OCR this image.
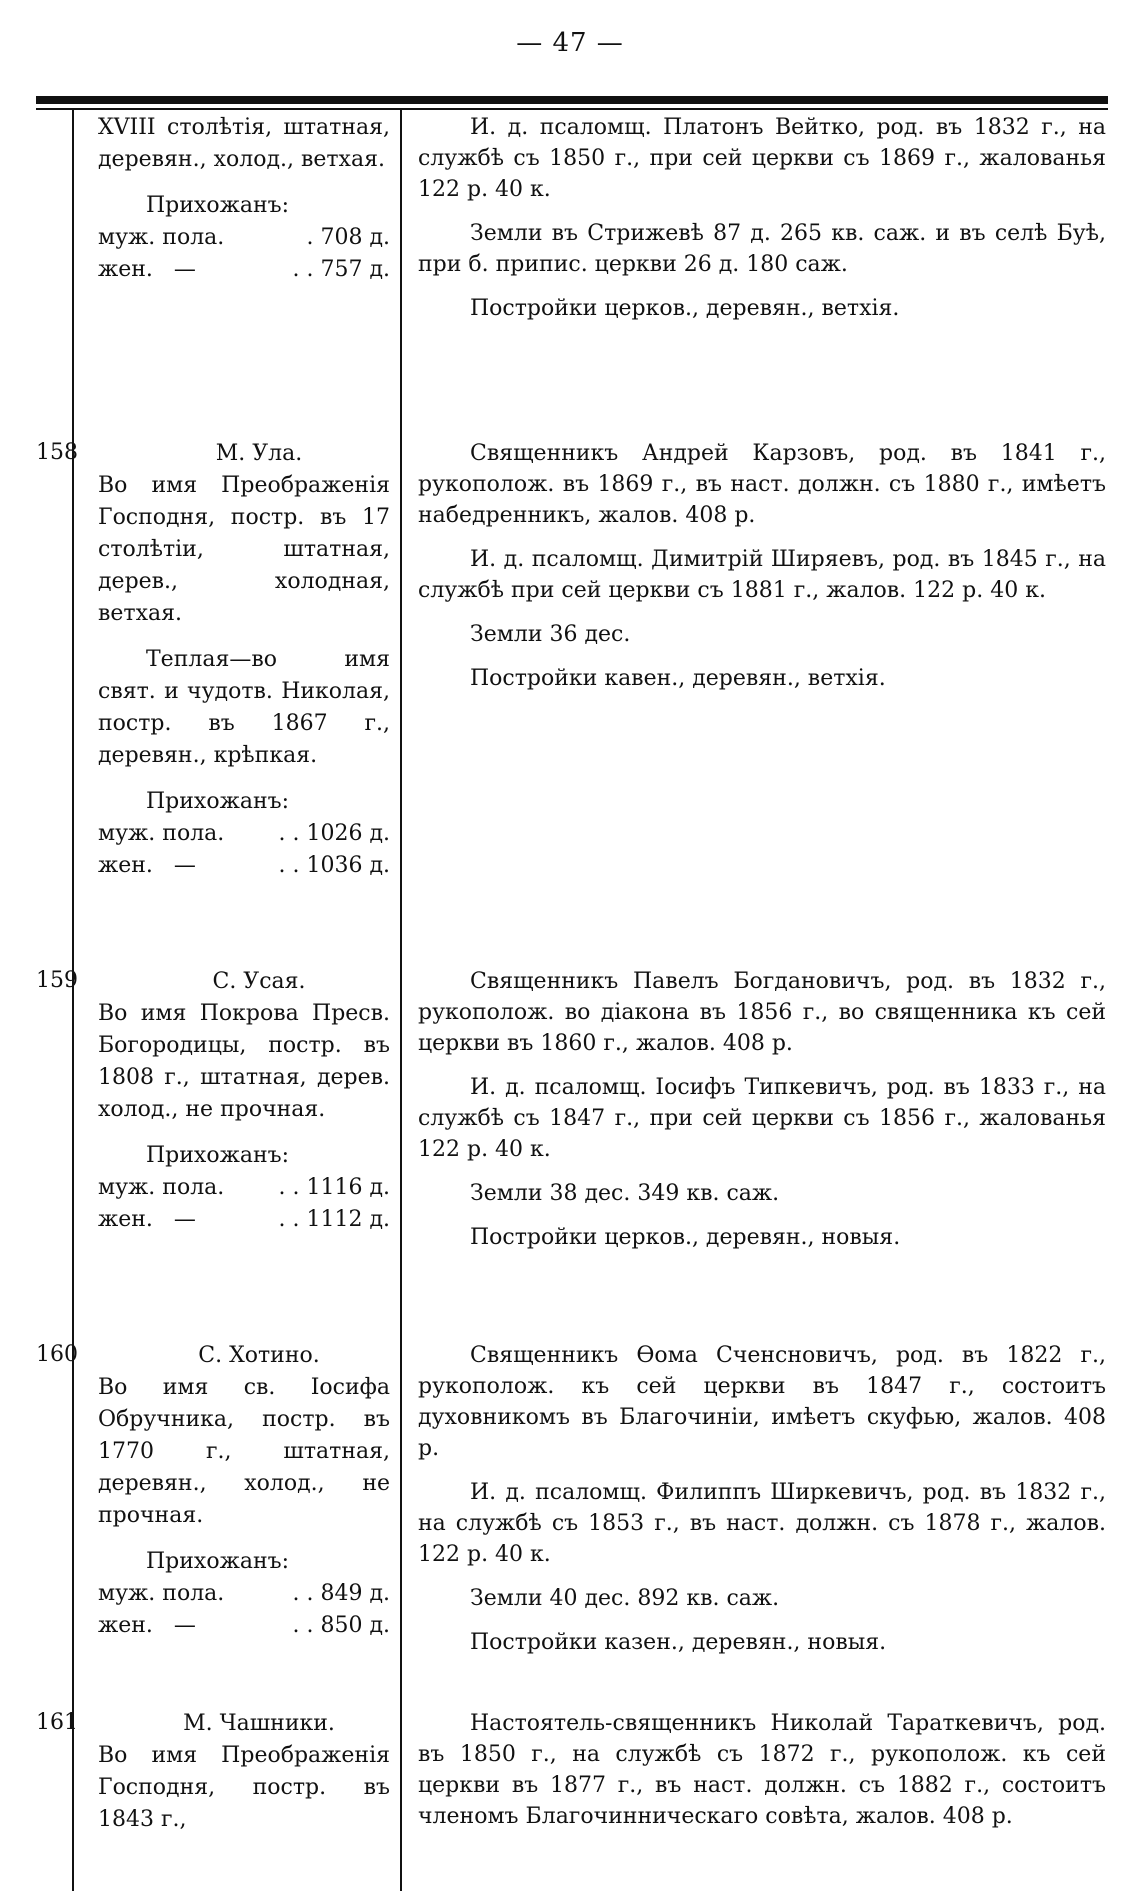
— 47 —
XVIII столѣтія, штатная, деревян., холод., ветхая.
Прихожанъ:
муж. пола.	. 708 д.
жен.   —	. . 757 д.
И. д. псаломщ. Платонъ Вейтко, род. въ 1832 г., на службѣ съ 1850 г., при сей церкви съ 1869 г., жалованья 122 р. 40 к.
Земли въ Стрижевѣ 87 д. 265 кв. саж. и въ селѣ Буѣ, при б. припис. церкви 26 д. 180 саж.
Постройки церков., деревян., ветхія.
158	М. Ула.
Во имя Преображенія Господня, постр. въ 17 столѣтіи, штатная, дерев., холодная, ветхая.
Теплая—во имя свят. и чудотв. Николая, постр. въ 1867 г., деревян., крѣпкая.
Прихожанъ:
муж. пола. . . 1026 д.
жен.   —	. . 1036 д.
Священникъ Андрей Карзовъ, род. въ 1841 г., рукополож. въ 1869 г., въ наст. должн. съ 1880 г., имѣетъ набедренникъ, жалов. 408 р.
И. д. псаломщ. Димитрій Ширяевъ, род. въ 1845 г., на службѣ при сей церкви съ 1881 г., жалов. 122 р. 40 к.
Земли 36 дес.
Постройки кавен., деревян., ветхія.
159	С. Усая.
Во имя Покрова Пресв. Богородицы, постр. въ 1808 г., штатная, дерев. холод., не прочная.
Прихожанъ:
муж. пола. . . 1116 д.
жен.   —	. . 1112 д.
Священникъ Павелъ Богдановичъ, род. въ 1832 г., рукополож. во діакона въ 1856 г., во священника къ сей церкви въ 1860 г., жалов. 408 р.
И. д. псаломщ. Іосифъ Типкевичъ, род. въ 1833 г., на службѣ съ 1847 г., при сей церкви съ 1856 г., жалованья 122 р. 40 к.
Земли 38 дес. 349 кв. саж.
Постройки церков., деревян., новыя.
160	С. Хотино.
Во имя св. Іосифа Обручника, постр. въ 1770 г., штатная, деревян., холод., не прочная.
Прихожанъ:
муж. пола.	. . 849 д.
жен.   —	. . 850 д.
Священникъ Ѳома Сченсновичъ, род. въ 1822 г., рукополож. къ сей церкви въ 1847 г., состоитъ духовникомъ въ Благочиніи, имѣетъ скуфью, жалов. 408 р.
И. д. псаломщ. Филиппъ Ширкевичъ, род. въ 1832 г., на службѣ съ 1853 г., въ наст. должн. съ 1878 г., жалов. 122 р. 40 к.
Земли 40 дес. 892 кв. саж.
Постройки казен., деревян., новыя.
161	М. Чашники.
Во имя Преображенія Господня, постр. въ 1843 г.,
Настоятель-священникъ Николай Тараткевичъ, род. въ 1850 г., на службѣ съ 1872 г., рукополож. къ сей церкви въ 1877 г., въ наст. должн. съ 1882 г., состоитъ членомъ Благочинническаго совѣта, жалов. 408 р.
